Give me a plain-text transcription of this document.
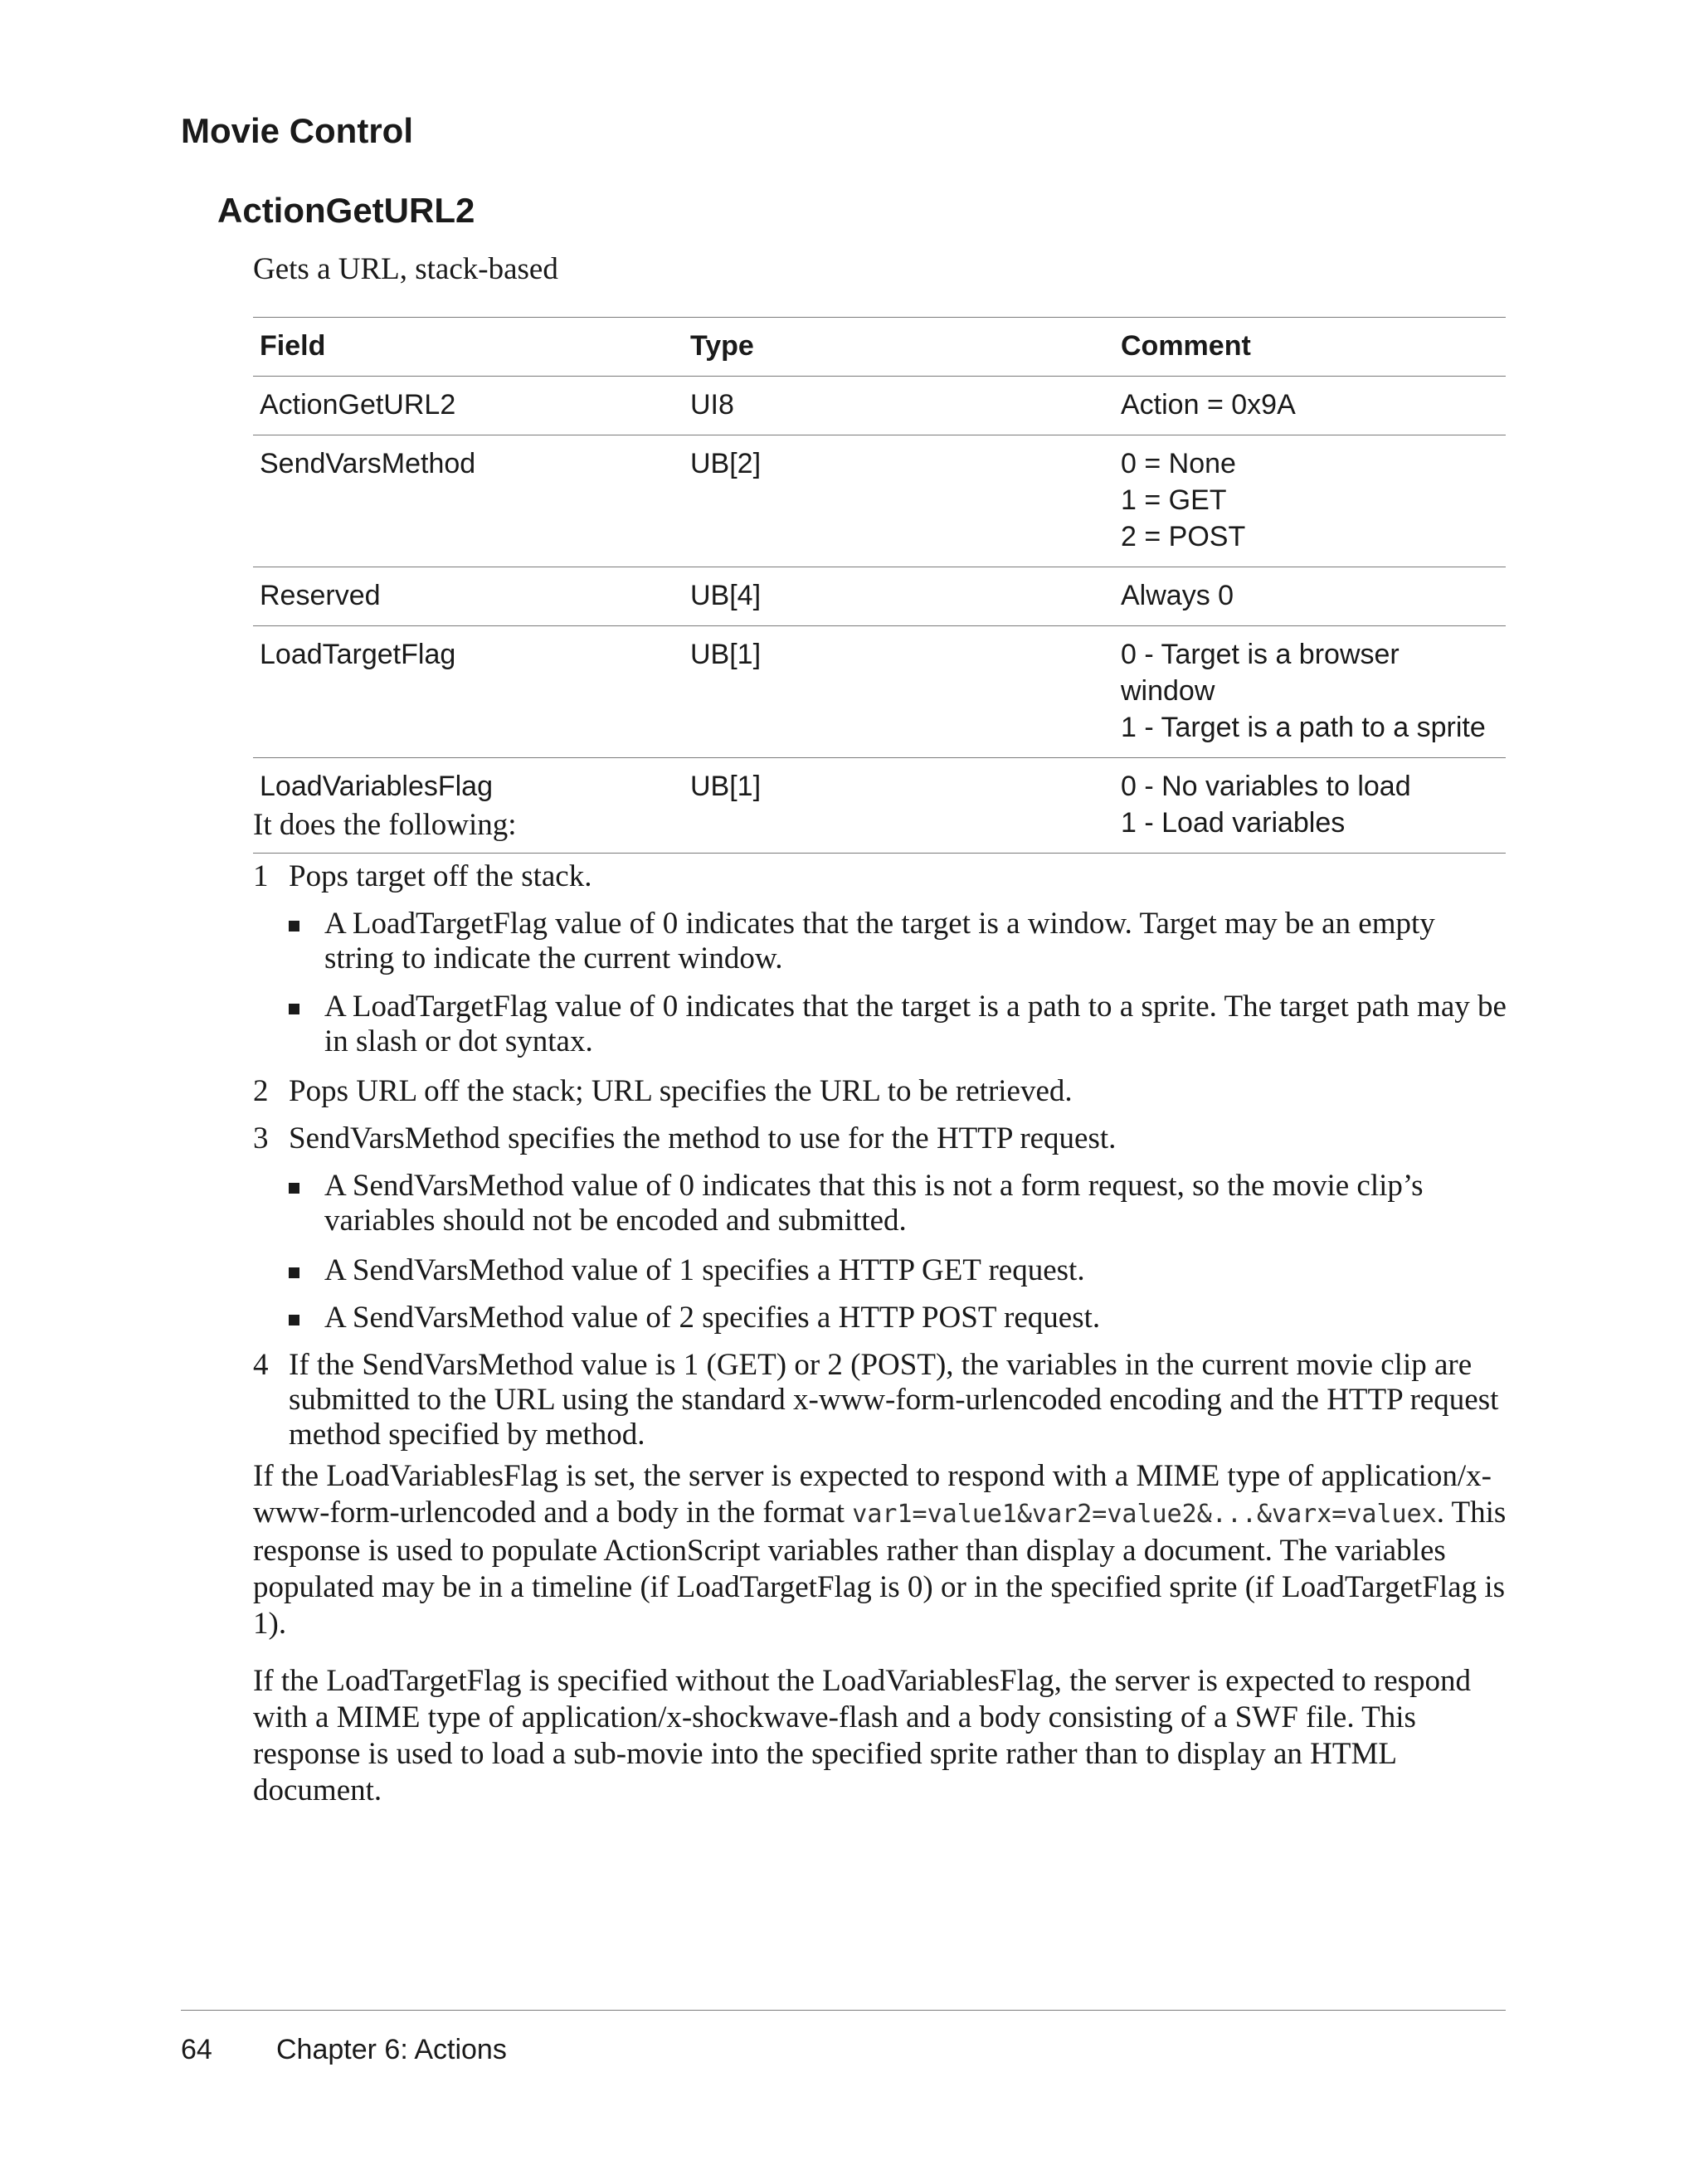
Movie Control
ActionGetURL2

Gets a URL, stack-based

Field	Type	Comment
ActionGetURL2	UI8	Action = 0x9A

SendVarsMethod	UB[2]	0 = None
1 = GET
2 = POST

Reserved	UB[4]	Always 0

LoadTargetFlag	UB[1]	0 - Target is a browser window
1 - Target is a path to a sprite

LoadVariablesFlag	UB[1]	0 - No variables to load
1 - Load variables

It does the following:

1 Pops target off the stack.
A LoadTargetFlag value of 0 indicates that the target is a window. Target may be an empty string to indicate the current window.
A LoadTargetFlag value of 0 indicates that the target is a path to a sprite. The target path may be in slash or dot syntax.
2 Pops URL off the stack; URL specifies the URL to be retrieved.
3 SendVarsMethod specifies the method to use for the HTTP request.
A SendVarsMethod value of 0 indicates that this is not a form request, so the movie clip’s variables should not be encoded and submitted.
A SendVarsMethod value of 1 specifies a HTTP GET request.
A SendVarsMethod value of 2 specifies a HTTP POST request.
4 If the SendVarsMethod value is 1 (GET) or 2 (POST), the variables in the current movie clip are submitted to the URL using the standard x-www-form-urlencoded encoding and the HTTP request method specified by method.

If the LoadVariablesFlag is set, the server is expected to respond with a MIME type of application/x-www-form-urlencoded and a body in the format var1=value1&var2=value2&...&varx=valuex. This response is used to populate ActionScript variables rather than display a document. The variables populated may be in a timeline (if LoadTargetFlag is 0) or in the specified sprite (if LoadTargetFlag is 1).

If the LoadTargetFlag is specified without the LoadVariablesFlag, the server is expected to respond with a MIME type of application/x-shockwave-flash and a body consisting of a SWF file. This response is used to load a sub-movie into the specified sprite rather than to display an HTML document.

64 Chapter 6: Actions
